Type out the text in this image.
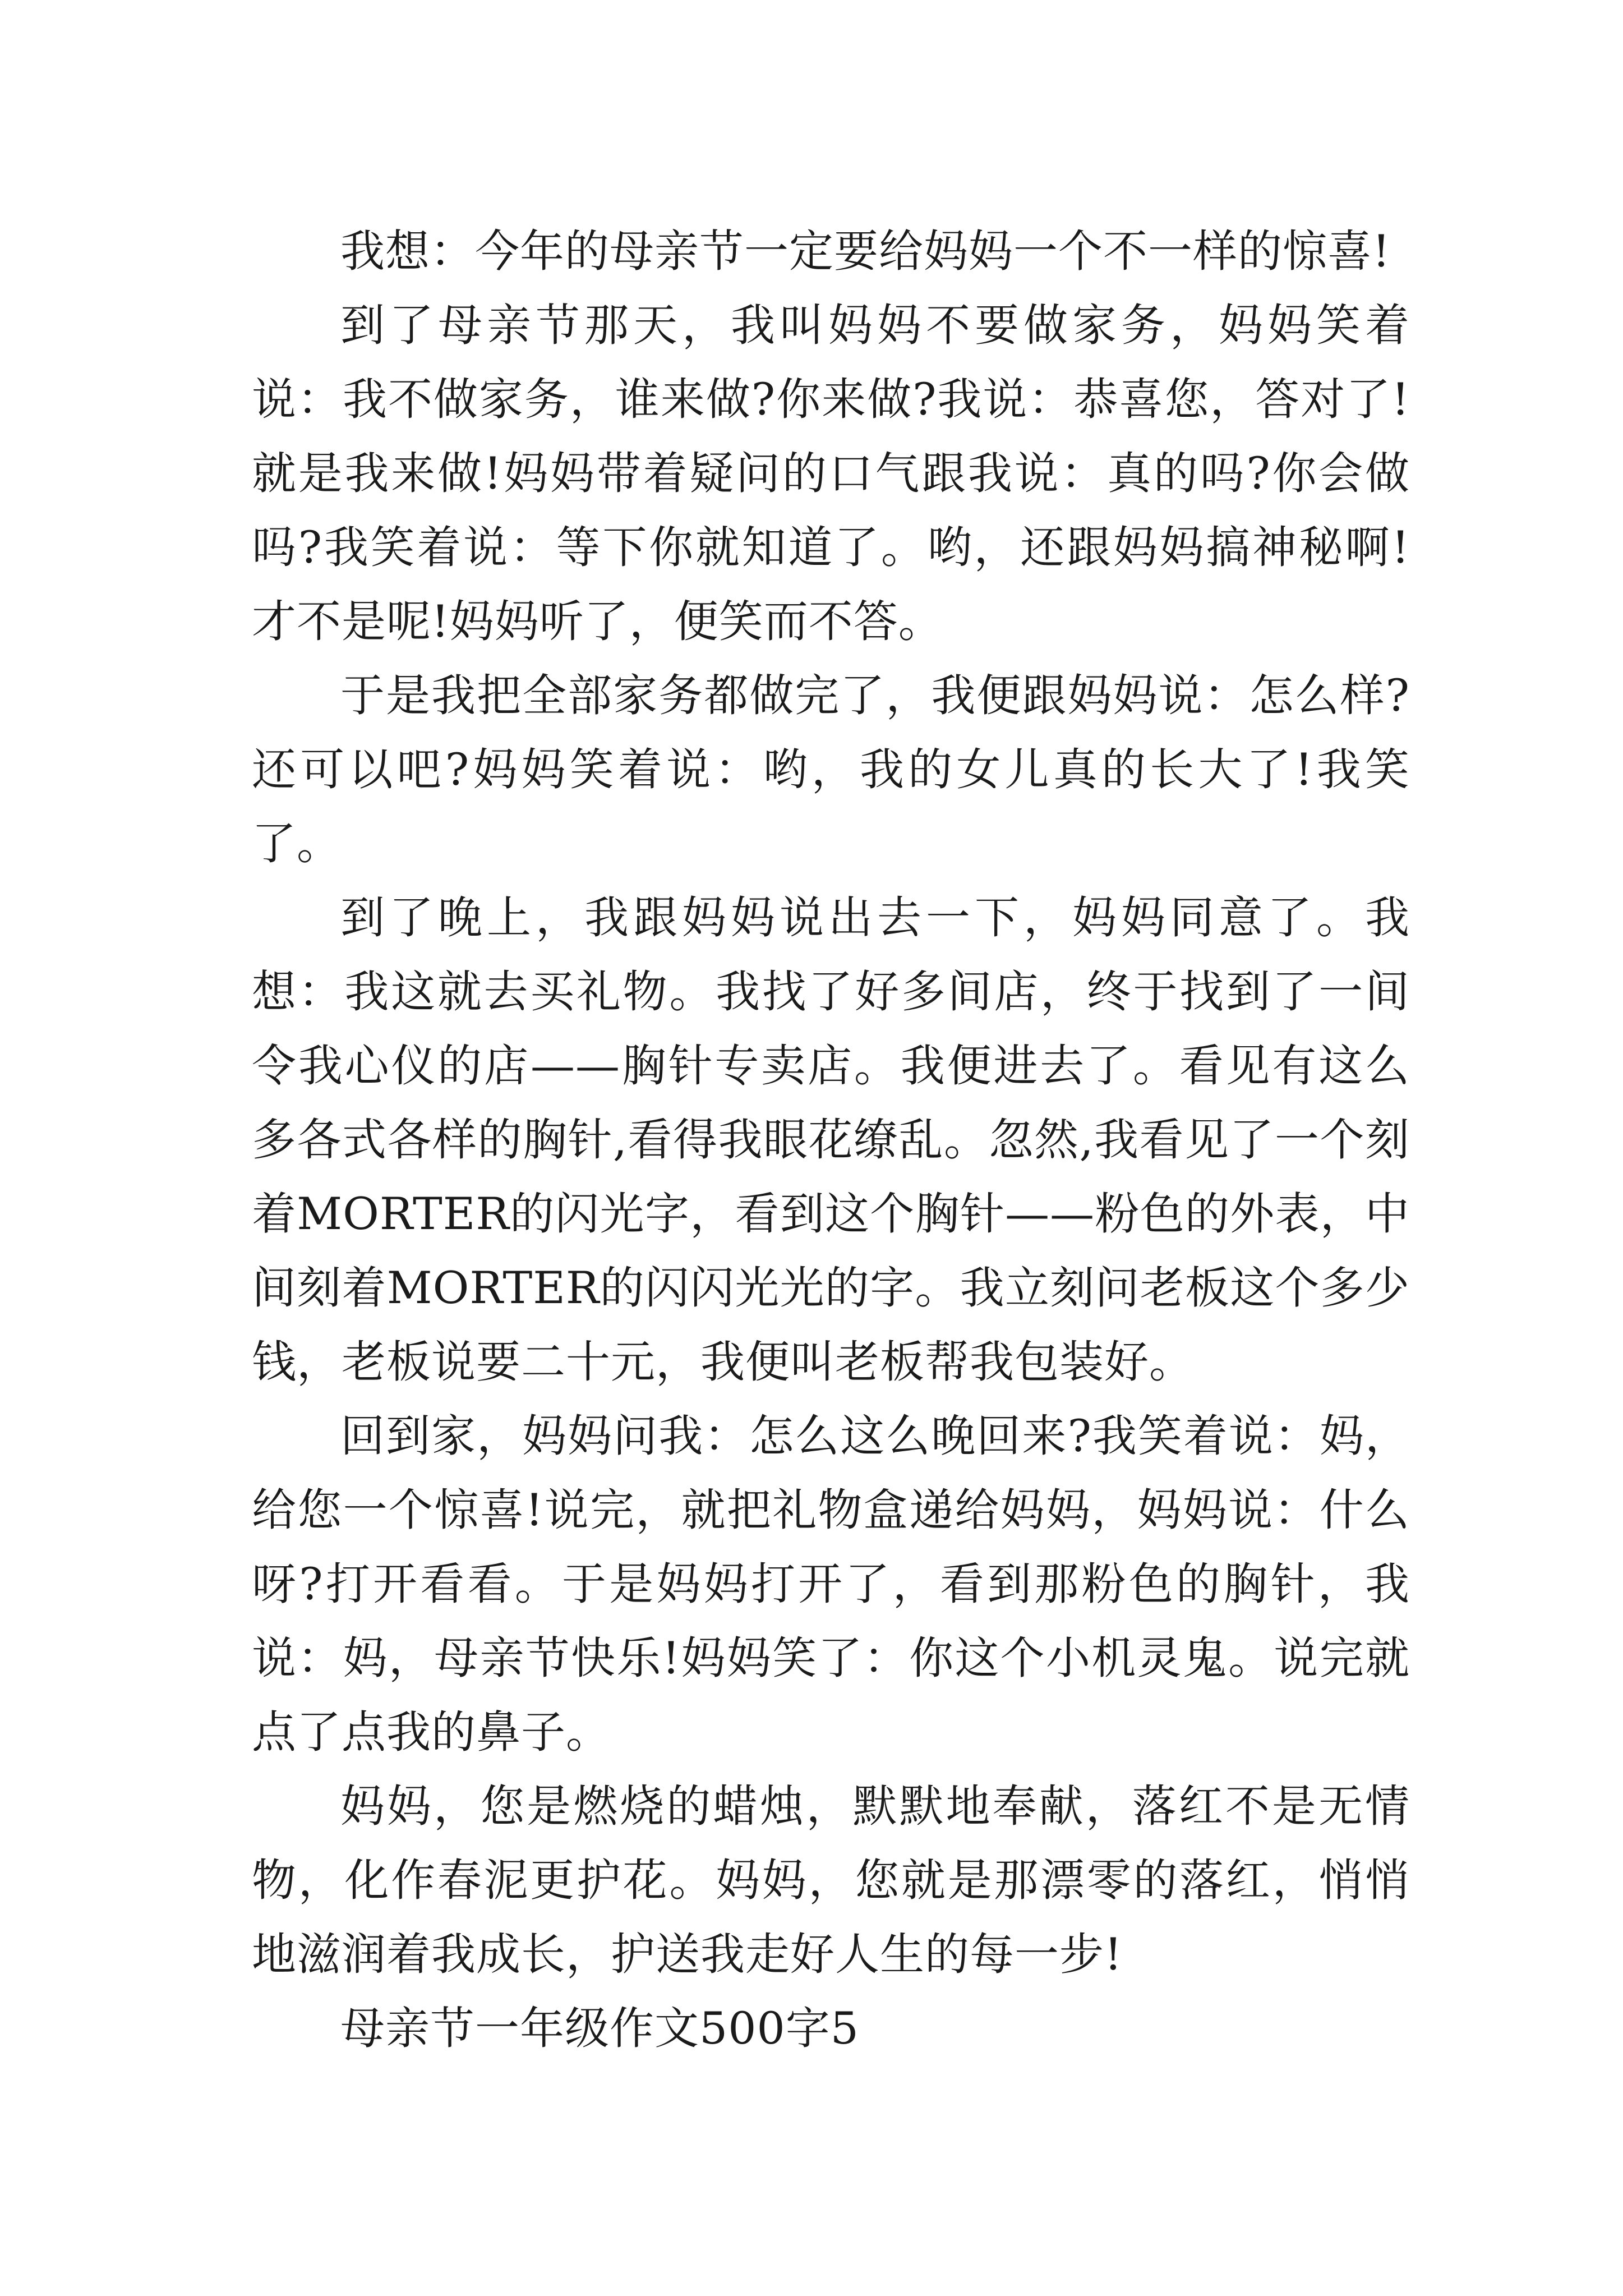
我想：今年的母亲节一定要给妈妈一个不一样的惊喜!

到了母亲节那天，我叫妈妈不要做家务，妈妈笑着说：我不做家务，谁来做?你来做?我说：恭喜您，答对了!就是我来做!妈妈带着疑问的口气跟我说：真的吗?你会做吗?我笑着说：等下你就知道了。哟，还跟妈妈搞神秘啊!才不是呢!妈妈听了，便笑而不答。

于是我把全部家务都做完了，我便跟妈妈说：怎么样?还可以吧?妈妈笑着说：哟，我的女儿真的长大了!我笑了。

到了晚上，我跟妈妈说出去一下，妈妈同意了。我想：我这就去买礼物。我找了好多间店，终于找到了一间令我心仪的店——胸针专卖店。我便进去了。看见有这么多各式各样的胸针,看得我眼花缭乱。忽然,我看见了一个刻着MORTER的闪光字，看到这个胸针——粉色的外表，中间刻着MORTER的闪闪光光的字。我立刻问老板这个多少钱，老板说要二十元，我便叫老板帮我包装好。

回到家，妈妈问我：怎么这么晚回来?我笑着说：妈，给您一个惊喜!说完，就把礼物盒递给妈妈，妈妈说：什么呀?打开看看。于是妈妈打开了，看到那粉色的胸针，我说：妈，母亲节快乐!妈妈笑了：你这个小机灵鬼。说完就点了点我的鼻子。

妈妈，您是燃烧的蜡烛，默默地奉献，落红不是无情物，化作春泥更护花。妈妈，您就是那漂零的落红，悄悄地滋润着我成长，护送我走好人生的每一步!

母亲节一年级作文500字5
